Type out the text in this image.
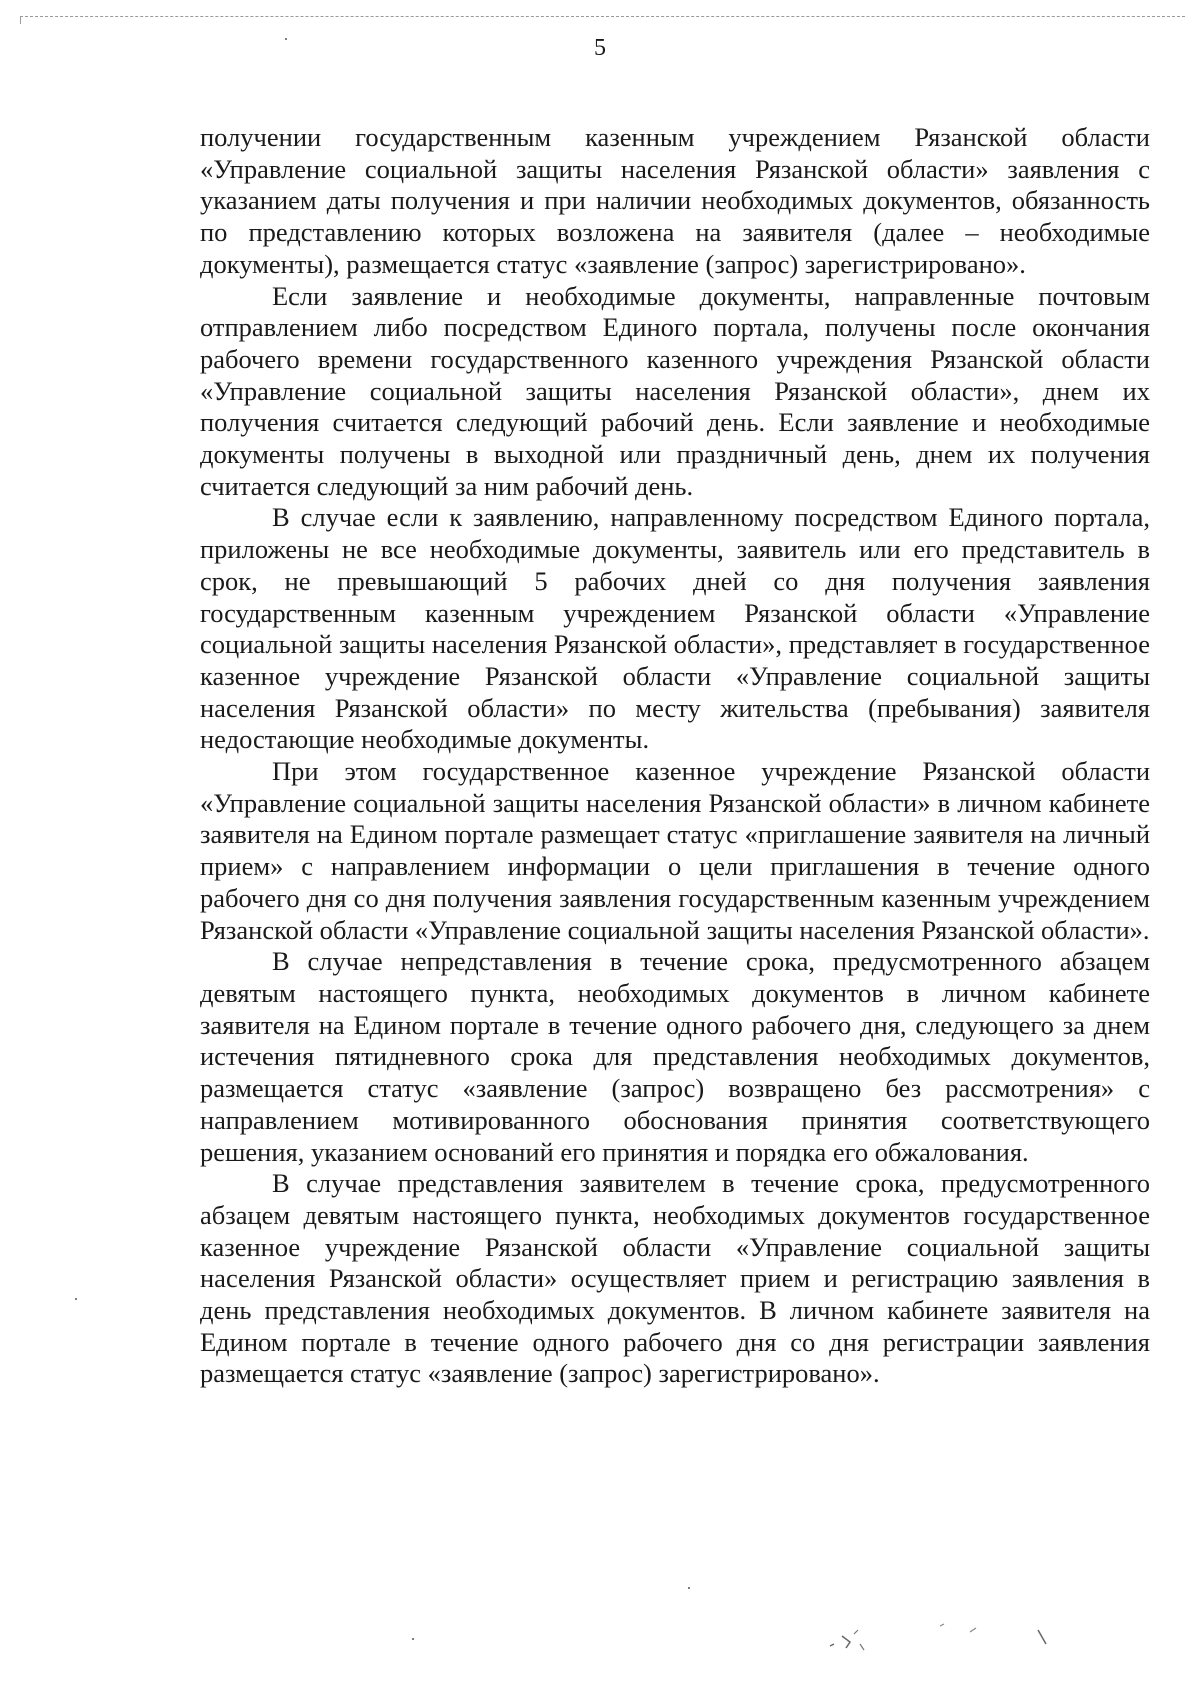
5

получении государственным казенным учреждением Рязанской области «Управление социальной защиты населения Рязанской области» заявления с указанием даты получения и при наличии необходимых документов, обязанность по представлению которых возложена на заявителя (далее – необходимые документы), размещается статус «заявление (запрос) зарегистрировано».

Если заявление и необходимые документы, направленные почтовым отправлением либо посредством Единого портала, получены после окончания рабочего времени государственного казенного учреждения Рязанской области «Управление социальной защиты населения Рязанской области», днем их получения считается следующий рабочий день. Если заявление и необходимые документы получены в выходной или праздничный день, днем их получения считается следующий за ним рабочий день.

В случае если к заявлению, направленному посредством Единого портала, приложены не все необходимые документы, заявитель или его представитель в срок, не превышающий 5 рабочих дней со дня получения заявления государственным казенным учреждением Рязанской области «Управление социальной защиты населения Рязанской области», представляет в государственное казенное учреждение Рязанской области «Управление социальной защиты населения Рязанской области» по месту жительства (пребывания) заявителя недостающие необходимые документы.

При этом государственное казенное учреждение Рязанской области «Управление социальной защиты населения Рязанской области» в личном кабинете заявителя на Едином портале размещает статус «приглашение заявителя на личный прием» с направлением информации о цели приглашения в течение одного рабочего дня со дня получения заявления государственным казенным учреждением Рязанской области «Управление социальной защиты населения Рязанской области».

В случае непредставления в течение срока, предусмотренного абзацем девятым настоящего пункта, необходимых документов в личном кабинете заявителя на Едином портале в течение одного рабочего дня, следующего за днем истечения пятидневного срока для представления необходимых документов, размещается статус «заявление (запрос) возвращено без рассмотрения» с направлением мотивированного обоснования принятия соответствующего решения, указанием оснований его принятия и порядка его обжалования.

В случае представления заявителем в течение срока, предусмотренного абзацем девятым настоящего пункта, необходимых документов государственное казенное учреждение Рязанской области «Управление социальной защиты населения Рязанской области» осуществляет прием и регистрацию заявления в день представления необходимых документов. В личном кабинете заявителя на Едином портале в течение одного рабочего дня со дня регистрации заявления размещается статус «заявление (запрос) зарегистрировано».
